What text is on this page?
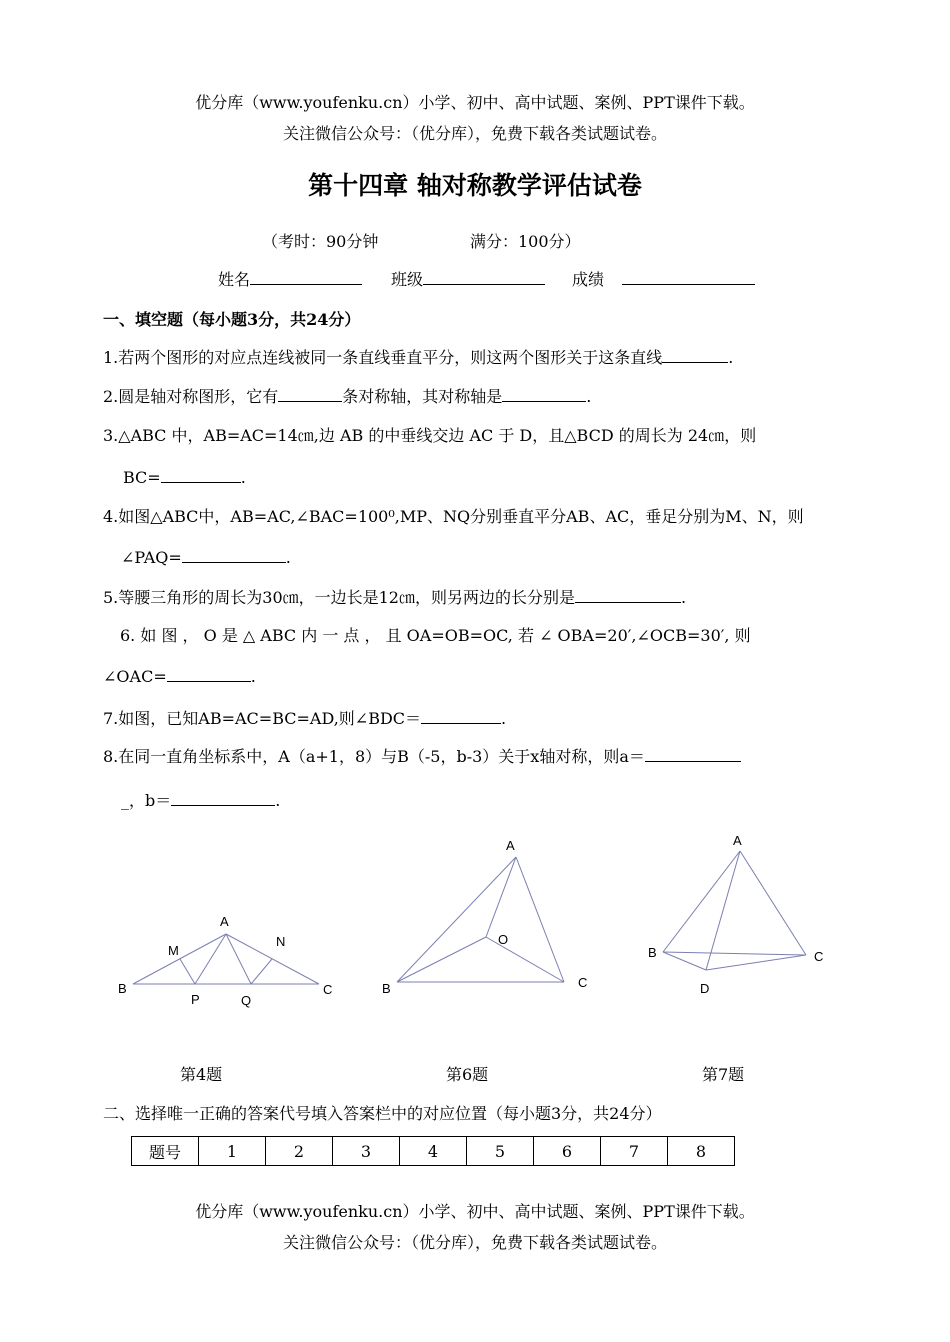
优分库（www.youfenku.cn）小学、初中、高中试题、案例、PPT课件下载。
关注微信公众号：（优分库），免费下载各类试题试卷。
第十四章 轴对称教学评估试卷
（考时：90分钟	满分：100分）
姓名	班级	成绩
一、填空题（每小题3分，共24分）
1.若两个图形的对应点连线被同一条直线垂直平分，则这两个图形关于这条直线	.
2.圆是轴对称图形，它有	条对称轴，其对称轴是	.
3.△ABC 中，AB=AC=14㎝,边 AB 的中垂线交边 AC 于 D，且△BCD 的周长为 24㎝，则
BC=	.
4.如图△ABC中，AB=AC,∠BAC=100⁰,MP、NQ分别垂直平分AB、AC，垂足分别为M、N，则
∠PAQ=	.
5.等腰三角形的周长为30㎝，一边长是12㎝，则另两边的长分别是	.
6. 如 图 ， O 是 △ ABC 内 一 点 ， 且 OA=OB=OC, 若 ∠ OBA=20′,∠OCB=30′, 则
∠OAC=	.
7.如图，已知AB=AC=BC=AD,则∠BDC＝	.
8.在同一直角坐标系中，A（a+1，8）与B（-5，b-3）关于x轴对称，则a＝
_，b＝	.
A
B	C
M
N
P	Q
A
B	C
O
A
B	C
D
第4题	第6题	第7题
二、选择唯一正确的答案代号填入答案栏中的对应位置（每小题3分，共24分）
题号	1	2	3	4	5	6	7	8
优分库（www.youfenku.cn）小学、初中、高中试题、案例、PPT课件下载。
关注微信公众号：（优分库），免费下载各类试题试卷。
